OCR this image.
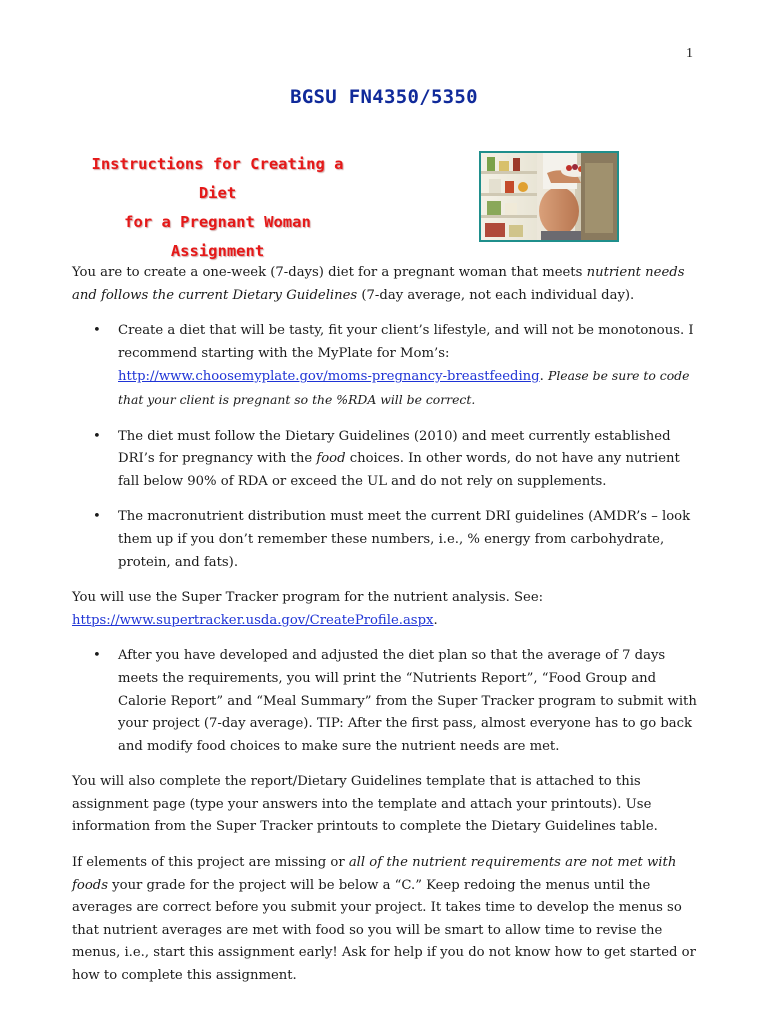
1
BGSU FN4350/5350
Instructions for Creating a Diet
for a Pregnant Woman
Assignment

You are to create a one-week (7-days) diet for a pregnant woman that meets nutrient needs and follows the current Dietary Guidelines (7-day average, not each individual day).

• Create a diet that will be tasty, fit your client’s lifestyle, and will not be monotonous. I recommend starting with the MyPlate for Mom’s: http://www.choosemyplate.gov/moms-pregnancy-breastfeeding. Please be sure to code that your client is pregnant so the %RDA will be correct.
• The diet must follow the Dietary Guidelines (2010) and meet currently established DRI’s for pregnancy with the food choices. In other words, do not have any nutrient fall below 90% of RDA or exceed the UL and do not rely on supplements.
• The macronutrient distribution must meet the current DRI guidelines (AMDR’s – look them up if you don’t remember these numbers, i.e., % energy from carbohydrate, protein, and fats).

You will use the Super Tracker program for the nutrient analysis. See: https://www.supertracker.usda.gov/CreateProfile.aspx.

• After you have developed and adjusted the diet plan so that the average of 7 days meets the requirements, you will print the “Nutrients Report”, “Food Group and Calorie Report” and “Meal Summary” from the Super Tracker program to submit with your project (7-day average). TIP: After the first pass, almost everyone has to go back and modify food choices to make sure the nutrient needs are met.

You will also complete the report/Dietary Guidelines template that is attached to this assignment page (type your answers into the template and attach your printouts). Use information from the Super Tracker printouts to complete the Dietary Guidelines table.

If elements of this project are missing or all of the nutrient requirements are not met with foods your grade for the project will be below a “C.” Keep redoing the menus until the averages are correct before you submit your project. It takes time to develop the menus so that nutrient averages are met with food so you will be smart to allow time to revise the menus, i.e., start this assignment early! Ask for help if you do not know how to get started or how to complete this assignment.
